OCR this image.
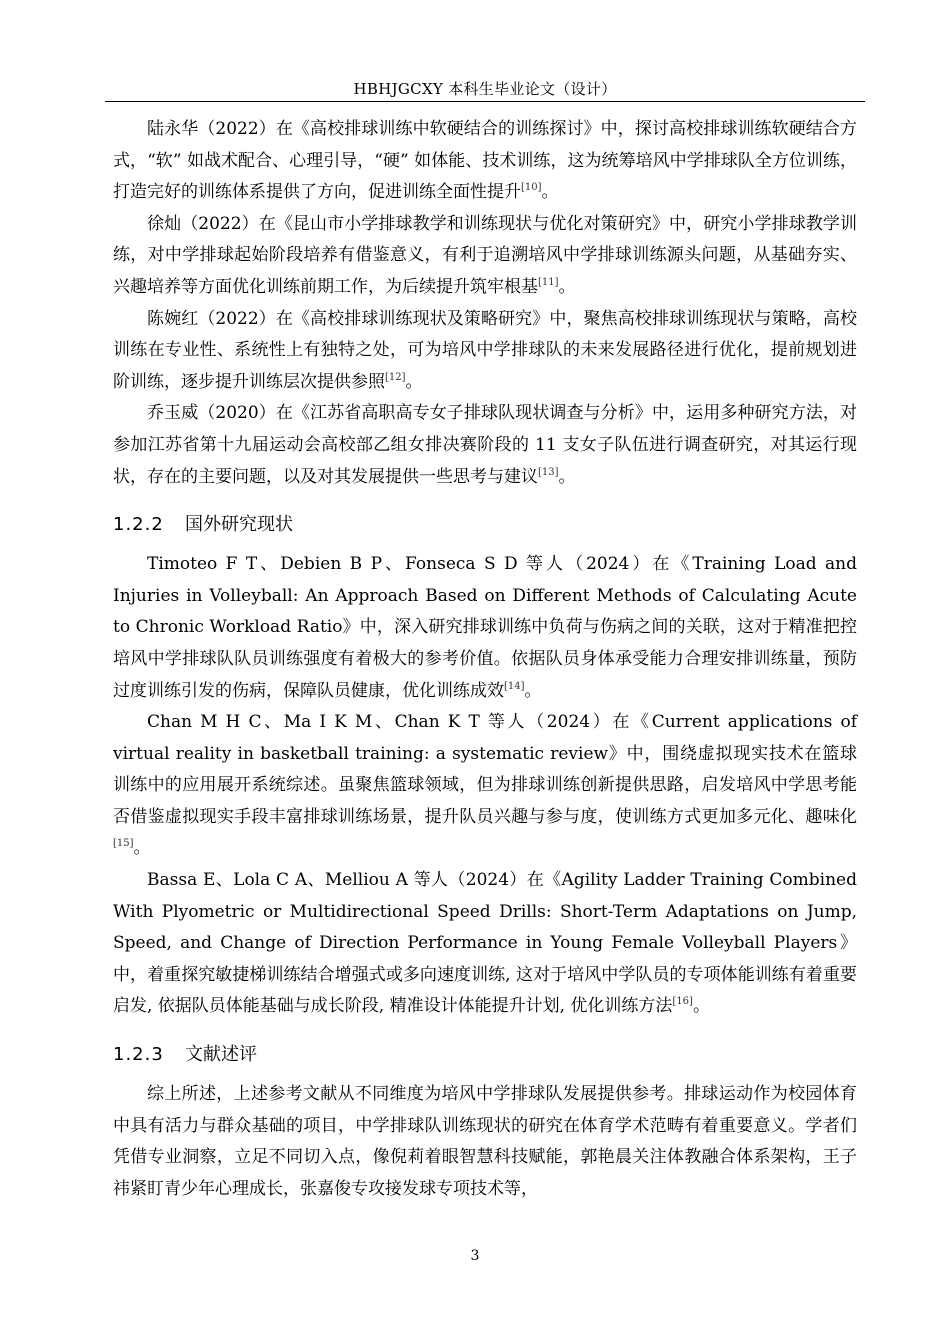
HBHJGCXY 本科生毕业论文（设计）

陆永华（2022）在《高校排球训练中软硬结合的训练探讨》中，探讨高校排球训练软硬结合方式，“软” 如战术配合、心理引导，“硬” 如体能、技术训练，这为统筹培风中学排球队全方位训练，打造完好的训练体系提供了方向，促进训练全面性提升[10]。

徐灿（2022）在《昆山市小学排球教学和训练现状与优化对策研究》中，研究小学排球教学训练，对中学排球起始阶段培养有借鉴意义，有利于追溯培风中学排球训练源头问题，从基础夯实、兴趣培养等方面优化训练前期工作，为后续提升筑牢根基[11]。

陈婉红（2022）在《高校排球训练现状及策略研究》中，聚焦高校排球训练现状与策略，高校训练在专业性、系统性上有独特之处，可为培风中学排球队的未来发展路径进行优化，提前规划进阶训练，逐步提升训练层次提供参照[12]。

乔玉威（2020）在《江苏省高职高专女子排球队现状调查与分析》中，运用多种研究方法，对参加江苏省第十九届运动会高校部乙组女排决赛阶段的 11 支女子队伍进行调查研究，对其运行现状，存在的主要问题，以及对其发展提供一些思考与建议[13]。

1.2.2 国外研究现状

Timoteo F T、Debien B P、Fonseca S D 等人（2024）在《Training Load and Injuries in Volleyball: An Approach Based on Different Methods of Calculating Acute to Chronic Workload Ratio》中，深入研究排球训练中负荷与伤病之间的关联，这对于精准把控培风中学排球队队员训练强度有着极大的参考价值。依据队员身体承受能力合理安排训练量，预防过度训练引发的伤病，保障队员健康，优化训练成效[14]。

Chan M H C、Ma I K M、Chan K T 等人（2024）在《Current applications of virtual reality in basketball training: a systematic review》中，围绕虚拟现实技术在篮球训练中的应用展开系统综述。虽聚焦篮球领域，但为排球训练创新提供思路，启发培风中学思考能否借鉴虚拟现实手段丰富排球训练场景，提升队员兴趣与参与度，使训练方式更加多元化、趣味化[15]。

Bassa E、Lola C A、Melliou A 等人（2024）在《Agility Ladder Training Combined With Plyometric or Multidirectional Speed Drills: Short-Term Adaptations on Jump, Speed, and Change of Direction Performance in Young Female Volleyball Players》中，着重探究敏捷梯训练结合增强式或多向速度训练, 这对于培风中学队员的专项体能训练有着重要启发, 依据队员体能基础与成长阶段, 精准设计体能提升计划, 优化训练方法[16]。

1.2.3 文献述评

综上所述，上述参考文献从不同维度为培风中学排球队发展提供参考。排球运动作为校园体育中具有活力与群众基础的项目，中学排球队训练现状的研究在体育学术范畴有着重要意义。学者们凭借专业洞察，立足不同切入点，像倪莉着眼智慧科技赋能，郭艳晨关注体教融合体系架构，王子祎紧盯青少年心理成长，张嘉俊专攻接发球专项技术等，

3
